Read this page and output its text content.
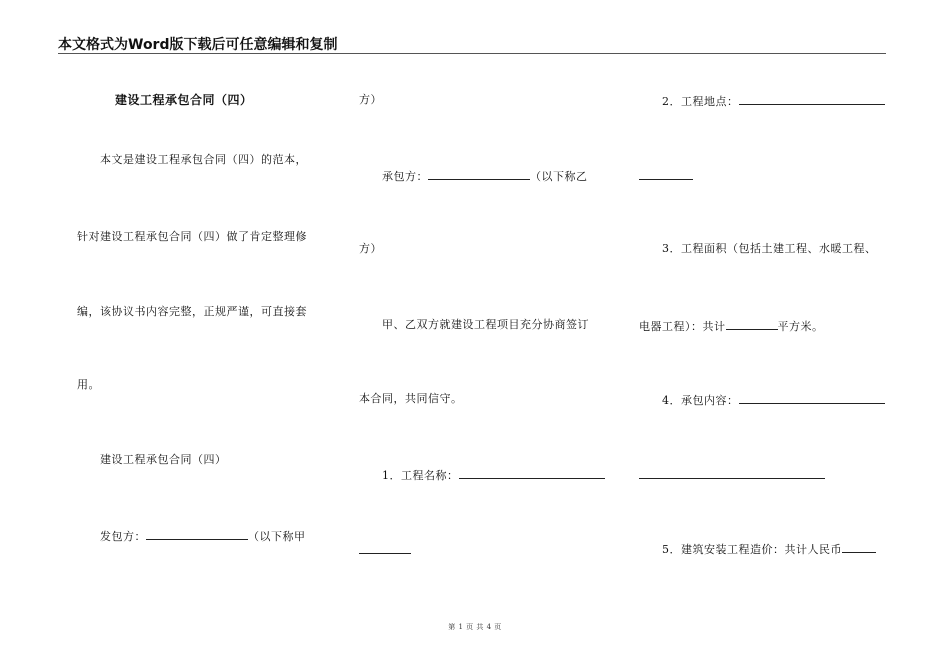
本文格式为Word版下载后可任意编辑和复制
建设工程承包合同（四）
本文是建设工程承包合同（四）的范本，
针对建设工程承包合同（四）做了肯定整理修
编，该协议书内容完整，正规严谨，可直接套
用。
建设工程承包合同（四）
发包方：	（以下称甲
方）
承包方：	（以下称乙
方）
甲、乙双方就建设工程项目充分协商签订
本合同，共同信守。
1．工程名称：
2．工程地点：
3．工程面积（包括土建工程、水暖工程、
电器工程）：共计	平方米。
4．承包内容：
5．建筑安装工程造价：共计人民币
第 1 页 共 4 页
